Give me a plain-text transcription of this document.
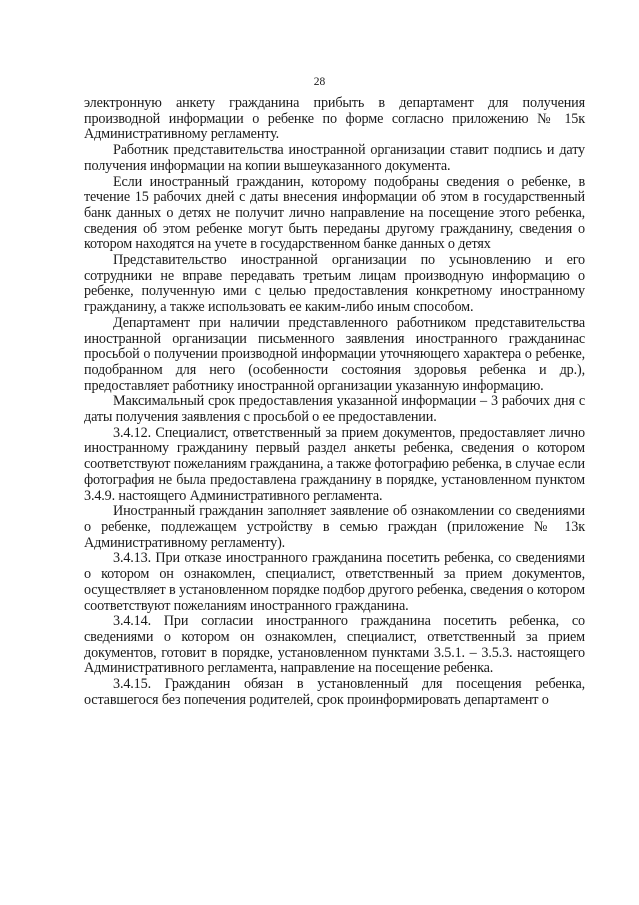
28

электронную анкету гражданина прибыть в департамент для получения производной информации о ребенке по форме согласно приложению № 15к Административному регламенту.

Работник представительства иностранной организации ставит подпись и дату получения информации на копии вышеуказанного документа.

Если иностранный гражданин, которому подобраны сведения о ребенке, в течение 15 рабочих дней с даты внесения информации об этом в государственный банк данных о детях не получит лично направление на посещение этого ребенка, сведения об этом ребенке могут быть переданы другому гражданину, сведения о котором находятся на учете в государственном банке данных о детях

Представительство иностранной организации по усыновлению и его сотрудники не вправе передавать третьим лицам производную информацию о ребенке, полученную ими с целью предоставления конкретному иностранному гражданину, а также использовать ее каким-либо иным способом.

Департамент при наличии представленного работником представительства иностранной организации письменного заявления иностранного гражданинас просьбой о получении производной информации уточняющего характера о ребенке, подобранном для него (особенности состояния здоровья ребенка и др.), предоставляет работнику иностранной организации указанную информацию.

Максимальный срок предоставления указанной информации – 3 рабочих дня с даты получения заявления с просьбой о ее предоставлении.

3.4.12. Специалист, ответственный за прием документов, предоставляет лично иностранному гражданину первый раздел анкеты ребенка, сведения о котором соответствуют пожеланиям гражданина, а также фотографию ребенка, в случае если фотография не была предоставлена гражданину в порядке, установленном пунктом 3.4.9. настоящего Административного регламента.

Иностранный гражданин заполняет заявление об ознакомлении со сведениями о ребенке, подлежащем устройству в семью граждан (приложение № 13к Административному регламенту).

3.4.13. При отказе иностранного гражданина посетить ребенка, со сведениями о котором он ознакомлен, специалист, ответственный за прием документов, осуществляет в установленном порядке подбор другого ребенка, сведения о котором соответствуют пожеланиям иностранного гражданина.

3.4.14. При согласии иностранного гражданина посетить ребенка, со сведениями о котором он ознакомлен, специалист, ответственный за прием документов, готовит в порядке, установленном пунктами 3.5.1. – 3.5.3. настоящего Административного регламента, направление на посещение ребенка.

3.4.15. Гражданин обязан в установленный для посещения ребенка, оставшегося без попечения родителей, срок проинформировать департамент о
